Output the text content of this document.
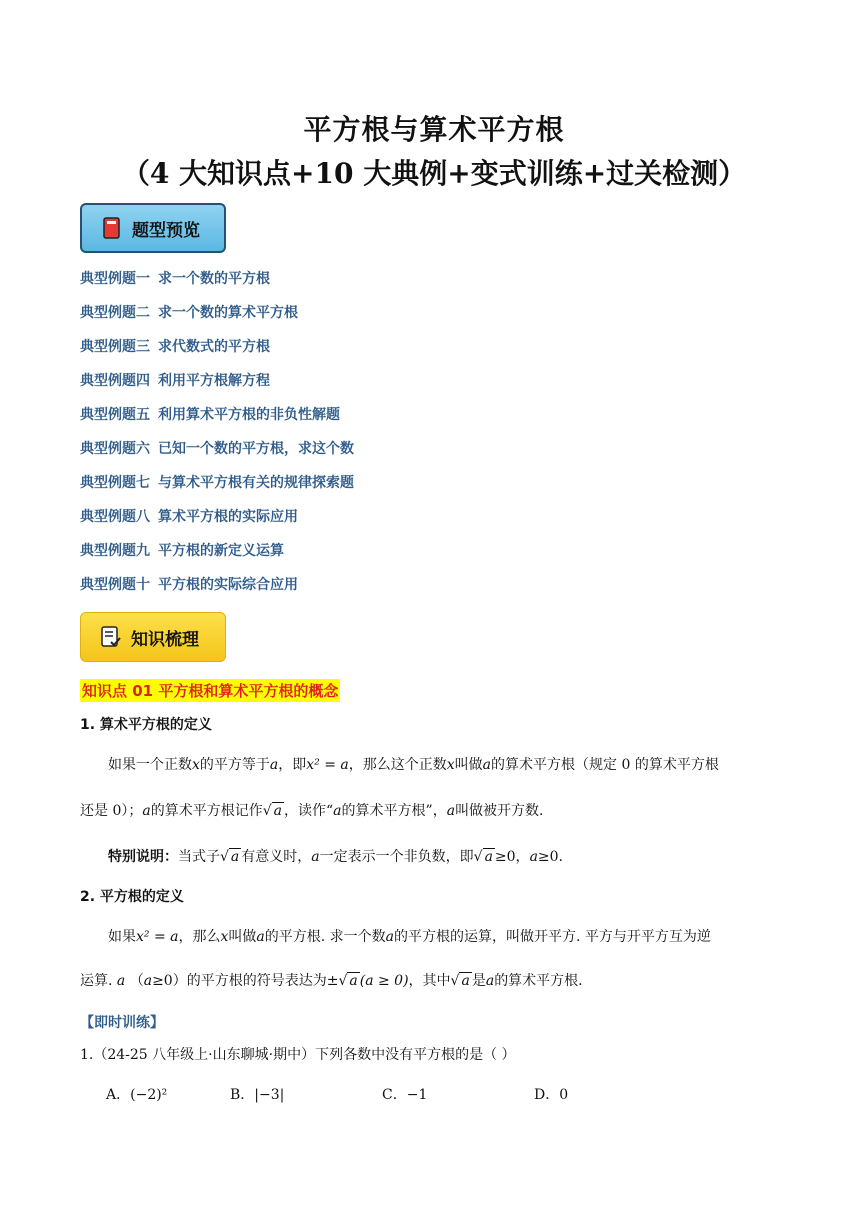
平方根与算术平方根
（4 大知识点+10 大典例+变式训练+过关检测）
题型预览
典型例题一 求一个数的平方根
典型例题二 求一个数的算术平方根
典型例题三 求代数式的平方根
典型例题四 利用平方根解方程
典型例题五 利用算术平方根的非负性解题
典型例题六 已知一个数的平方根，求这个数
典型例题七 与算术平方根有关的规律探索题
典型例题八 算术平方根的实际应用
典型例题九 平方根的新定义运算
典型例题十 平方根的实际综合应用
知识梳理
知识点 01 平方根和算术平方根的概念
1. 算术平方根的定义
如果一个正数x的平方等于a，即x² = a，那么这个正数x叫做a的算术平方根（规定 0 的算术平方根
还是 0）；a的算术平方根记作√ a ，读作“a的算术平方根”，a叫做被开方数.
特别说明：当式子√ a 有意义时，a一定表示一个非负数，即√ a ≥0，a≥0.
2. 平方根的定义
如果x² = a，那么x叫做a的平方根. 求一个数a的平方根的运算，叫做开平方. 平方与开平方互为逆
运算. a （a≥0）的平方根的符号表达为±√ a (a ≥ 0)，其中√ a 是a的算术平方根.
【即时训练】
1.（24-25 八年级上·山东聊城·期中）下列各数中没有平方根的是（ ）
A．(−2)²	B．|−3|	C．−1	D．0
